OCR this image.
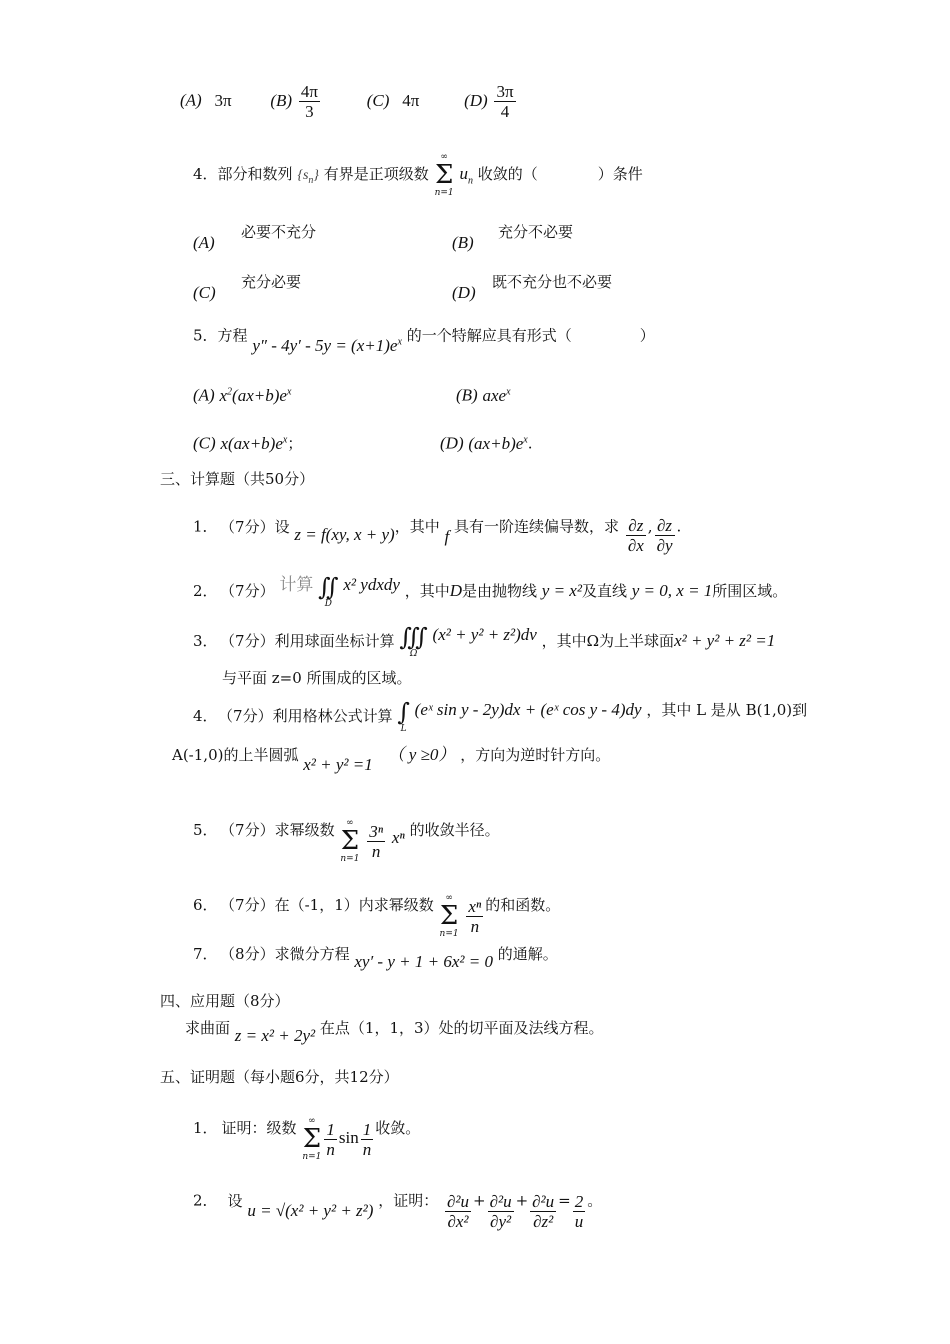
(A) 3π $(B) \frac{4\pi}{3}$	(C) 4π	$(D) \frac{3\pi}{4}$
4．部分和数列 $\{s_n\}$ 有界是正项级数
∞
Σ
n=1
$u_n$ 收敛的（	）条件
(A)
必要不充分
(B)
充分不必要
(C)
充分必要
(D)
既不充分也不必要
5．方程 $y'' - 4y' - 5y = (x+1)e^x$ 的一个特解应具有形式（	）
(A) $x^2(ax+b)e^x$	(B) axe$^x$
(C) $x(ax+b)e^x$；	(D) $(ax+b)e^x$.
三、计算题（共50分）
1． （7分）设 z = f(xy, x + y)，其中 f 具有一阶连续偏导数，求 $\frac{\partial z}{\partial x}$ , $\frac{\partial z}{\partial y}$ .
2． （7分） 计算 ∬
D
x² ydxdy ，其中D是由抛物线 y = x²及直线 y = 0, x = 1所围区域。
3． （7分）利用球面坐标计算 ∭
Ω
(x² + y² + z²)dv ，其中Ω为上半球面x² + y² + z² =1
与平面 z=0 所围成的区域。
4． （7分）利用格林公式计算 ∫
L
(eˣ sin y - 2y)dx + (eˣ cos y - 4)dy ，其中 L 是从 B(1,0)到
A(-1,0)的上半圆弧 x² + y² =1 （ y ≥0） ，方向为逆时针方向。
5． （7分）求幂级数	∞
Σ
n=1
$\frac{\text{3ⁿ}}{n}$ xⁿ 的收敛半径。
6． （7分）在（-1，1）内求幂级数	∞
Σ
n=1
$\frac{\text{xⁿ}}{n}$ 的和函数。
7． （8分）求微分方程 xy′ - y + 1 + 6x² = 0 的通解。
四、应用题（8分）
求曲面 z = x² + 2y² 在点（1，1，3）处的切平面及法线方程。
五、证明题（每小题6分，共12分）
1． 证明：级数	∞
Σ
$n=1 \frac{1}{n}$ $\sin \frac{1}{n}$ 收敛。
2． 设 u = √(x² + y² + z²) ，证明： $\frac{\text{∂²u}}{\text{∂x²}} + \frac{\text{∂²u}}{\text{∂y²}} + \frac{\text{∂²u}}{\text{∂z²}} = \frac{2}{u}$ 。
